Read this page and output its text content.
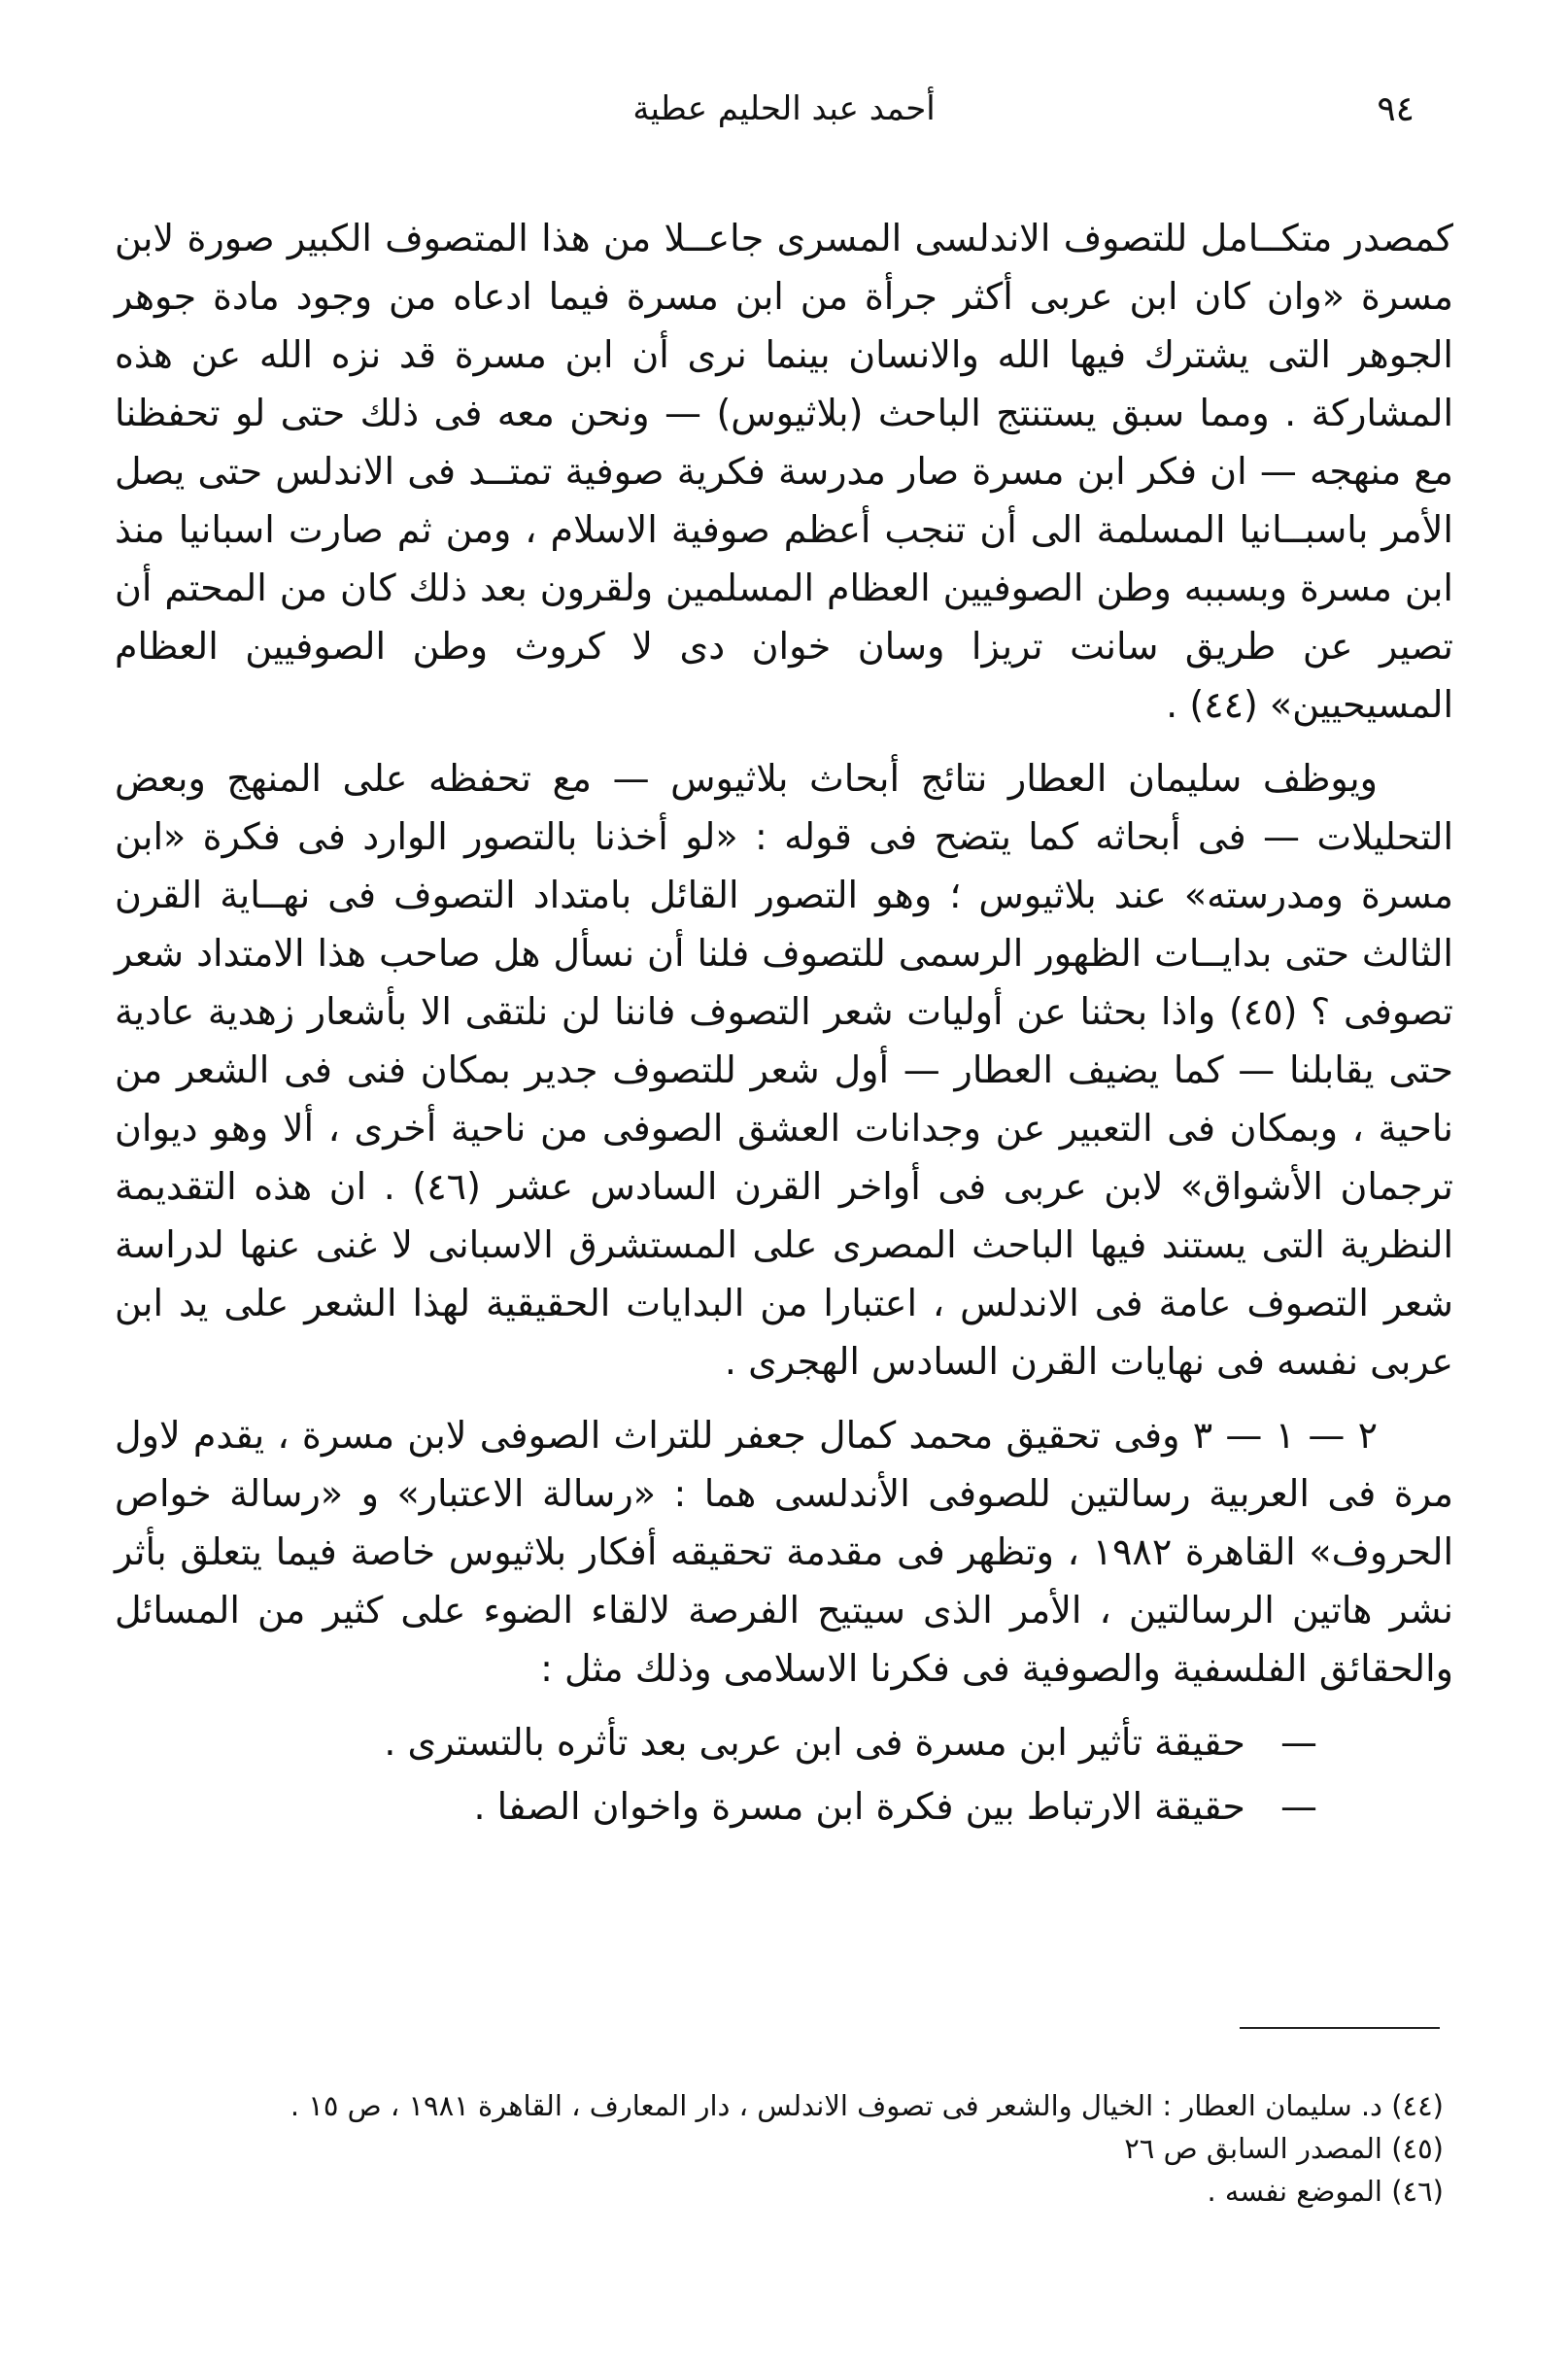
٩٤
أحمد عبد الحليم عطية

كمصدر متكــامل للتصوف الاندلسى المسرى جاعــلا من هذا المتصوف الكبير صورة لابن مسرة «وان كان ابن عربى أكثر جرأة من ابن مسرة فيما ادعاه من وجود مادة جوهر الجوهر التى يشترك فيها الله والانسان بينما نرى أن ابن مسرة قد نزه الله عن هذه المشاركة . ومما سبق يستنتج الباحث (بلاثيوس) — ونحن معه فى ذلك حتى لو تحفظنا مع منهجه — ان فكر ابن مسرة صار مدرسة فكرية صوفية تمتــد فى الاندلس حتى يصل الأمر باسبــانيا المسلمة الى أن تنجب أعظم صوفية الاسلام ، ومن ثم صارت اسبانيا منذ ابن مسرة وبسببه وطن الصوفيين العظام المسلمين ولقرون بعد ذلك كان من المحتم أن تصير عن طريق سانت تريزا وسان خوان دى لا كروث وطن الصوفيين العظام المسيحيين» (٤٤) .

ويوظف سليمان العطار نتائج أبحاث بلاثيوس — مع تحفظه على المنهج وبعض التحليلات — فى أبحاثه كما يتضح فى قوله : «لو أخذنا بالتصور الوارد فى فكرة «ابن مسرة ومدرسته» عند بلاثيوس ؛ وهو التصور القائل بامتداد التصوف فى نهــاية القرن الثالث حتى بدايــات الظهور الرسمى للتصوف فلنا أن نسأل هل صاحب هذا الامتداد شعر تصوفى ؟ (٤٥) واذا بحثنا عن أوليات شعر التصوف فاننا لن نلتقى الا بأشعار زهدية عادية حتى يقابلنا — كما يضيف العطار — أول شعر للتصوف جدير بمكان فنى فى الشعر من ناحية ، وبمكان فى التعبير عن وجدانات العشق الصوفى من ناحية أخرى ، ألا وهو ديوان ترجمان الأشواق» لابن عربى فى أواخر القرن السادس عشر (٤٦) . ان هذه التقديمة النظرية التى يستند فيها الباحث المصرى على المستشرق الاسبانى لا غنى عنها لدراسة شعر التصوف عامة فى الاندلس ، اعتبارا من البدايات الحقيقية لهذا الشعر على يد ابن عربى نفسه فى نهايات القرن السادس الهجرى .

٢ — ١ — ٣ وفى تحقيق محمد كمال جعفر للتراث الصوفى لابن مسرة ، يقدم لاول مرة فى العربية رسالتين للصوفى الأندلسى هما : «رسالة الاعتبار» و «رسالة خواص الحروف» القاهرة ١٩٨٢ ، وتظهر فى مقدمة تحقيقه أفكار بلاثيوس خاصة فيما يتعلق بأثر نشر هاتين الرسالتين ، الأمر الذى سيتيح الفرصة لالقاء الضوء على كثير من المسائل والحقائق الفلسفية والصوفية فى فكرنا الاسلامى وذلك مثل :

— حقيقة تأثير ابن مسرة فى ابن عربى بعد تأثره بالتسترى .
— حقيقة الارتباط بين فكرة ابن مسرة واخوان الصفا .

(٤٤) د. سليمان العطار : الخيال والشعر فى تصوف الاندلس ، دار المعارف ، القاهرة ١٩٨١ ، ص ١٥ .

(٤٥) المصدر السابق ص ٢٦

(٤٦) الموضع نفسه .
